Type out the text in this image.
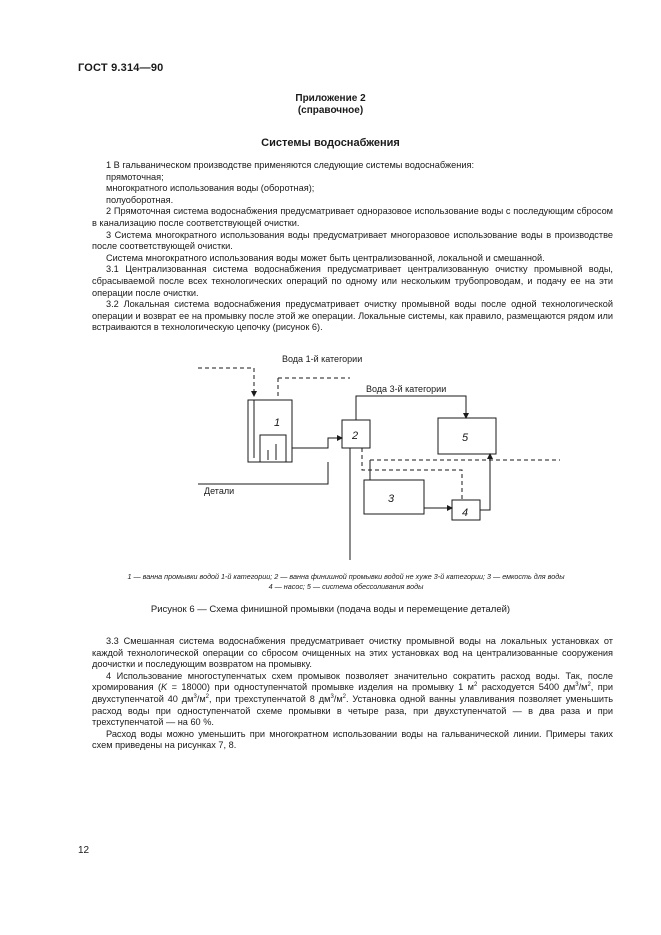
ГОСТ 9.314—90
Приложение 2
(справочное)
Системы водоснабжения

1 В гальваническом производстве применяются следующие системы водоснабжения:

прямоточная;

многократного использования воды (оборотная);

полуоборотная.

2 Прямоточная система водоснабжения предусматривает одноразовое использование воды с последующим сбросом в канализацию после соответствующей очистки.

3 Система многократного использования воды предусматривает многоразовое использование воды в производстве после соответствующей очистки.

Система многократного использования воды может быть централизованной, локальной и смешанной.

3.1 Централизованная система водоснабжения предусматривает централизованную очистку промывной воды, сбрасываемой после всех технологических операций по одному или нескольким трубопроводам, и подачу ее на эти операции после очистки.

3.2 Локальная система водоснабжения предусматривает очистку промывной воды после одной технологической операции и возврат ее на промывку после этой же операции. Локальные системы, как правило, размещаются рядом или встраиваются в технологическую цепочку (рисунок 6).

Вода 1-й категории
Вода 3-й категории
Детали
1
2
3
4
5
1 — ванна промывки водой 1-й категории; 2 — ванна финишной промывки водой не хуже 3-й категории; 3 — емкость для воды
4 — насос; 5 — система обессоливания воды
Рисунок 6 — Схема финишной промывки (подача воды и перемещение деталей)

3.3 Смешанная система водоснабжения предусматривает очистку промывной воды на локальных установках от каждой технологической операции со сбросом очищенных на этих установках вод на централизованные сооружения доочистки и последующим возвратом на промывку.

4 Использование многоступенчатых схем промывок позволяет значительно сократить расход воды. Так, после хромирования (K = 18000) при одноступенчатой промывке изделия на промывку 1 $м^2$ расходуется 5400 $дм^3/м^2$, при двухступенчатой 40 $дм^3/м^2$, при трехступенчатой 8 $дм^3/м^2$. Установка одной ванны улавливания позволяет уменьшить расход воды при одноступенчатой схеме промывки в четыре раза, при двухступенчатой — в два раза и при трехступенчатой — на 60 %.

Расход воды можно уменьшить при многократном использовании воды на гальванической линии. Примеры таких схем приведены на рисунках 7, 8.

12
